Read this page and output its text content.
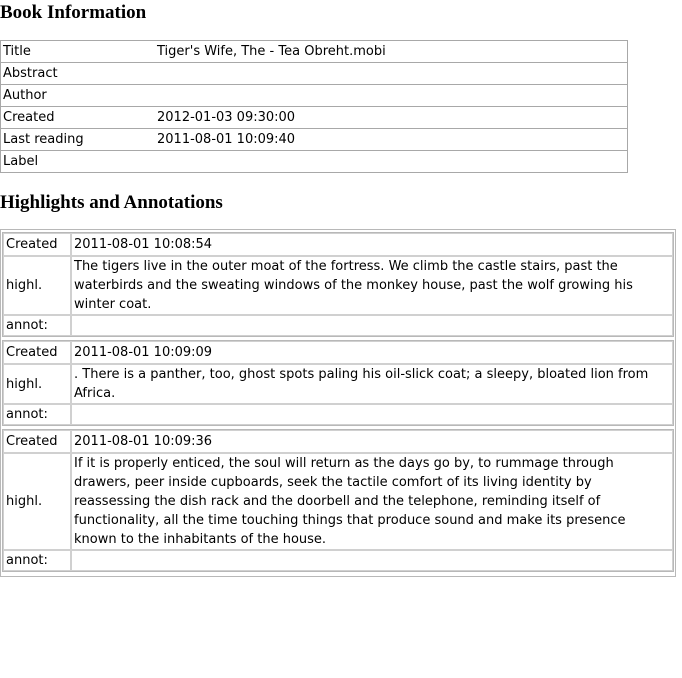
Book Information
Title	Tiger's Wife, The - Tea Obreht.mobi
Abstract	
Author	
Created	2012-01-03 09:30:00
Last reading	2011-08-01 10:09:40
Label	
Highlights and Annotations
Created	2011-08-01 10:08:54
highl.	The tigers live in the outer moat of the fortress. We climb the castle stairs, past the waterbirds and the sweating windows of the monkey house, past the wolf growing his winter coat.
annot:	
Created	2011-08-01 10:09:09
highl.	. There is a panther, too, ghost spots paling his oil-slick coat; a sleepy, bloated lion from Africa.
annot:	
Created	2011-08-01 10:09:36
highl.	If it is properly enticed, the soul will return as the days go by, to rummage through drawers, peer inside cupboards, seek the tactile comfort of its living identity by reassessing the dish rack and the doorbell and the telephone, reminding itself of functionality, all the time touching things that produce sound and make its presence known to the inhabitants of the house.
annot:	
